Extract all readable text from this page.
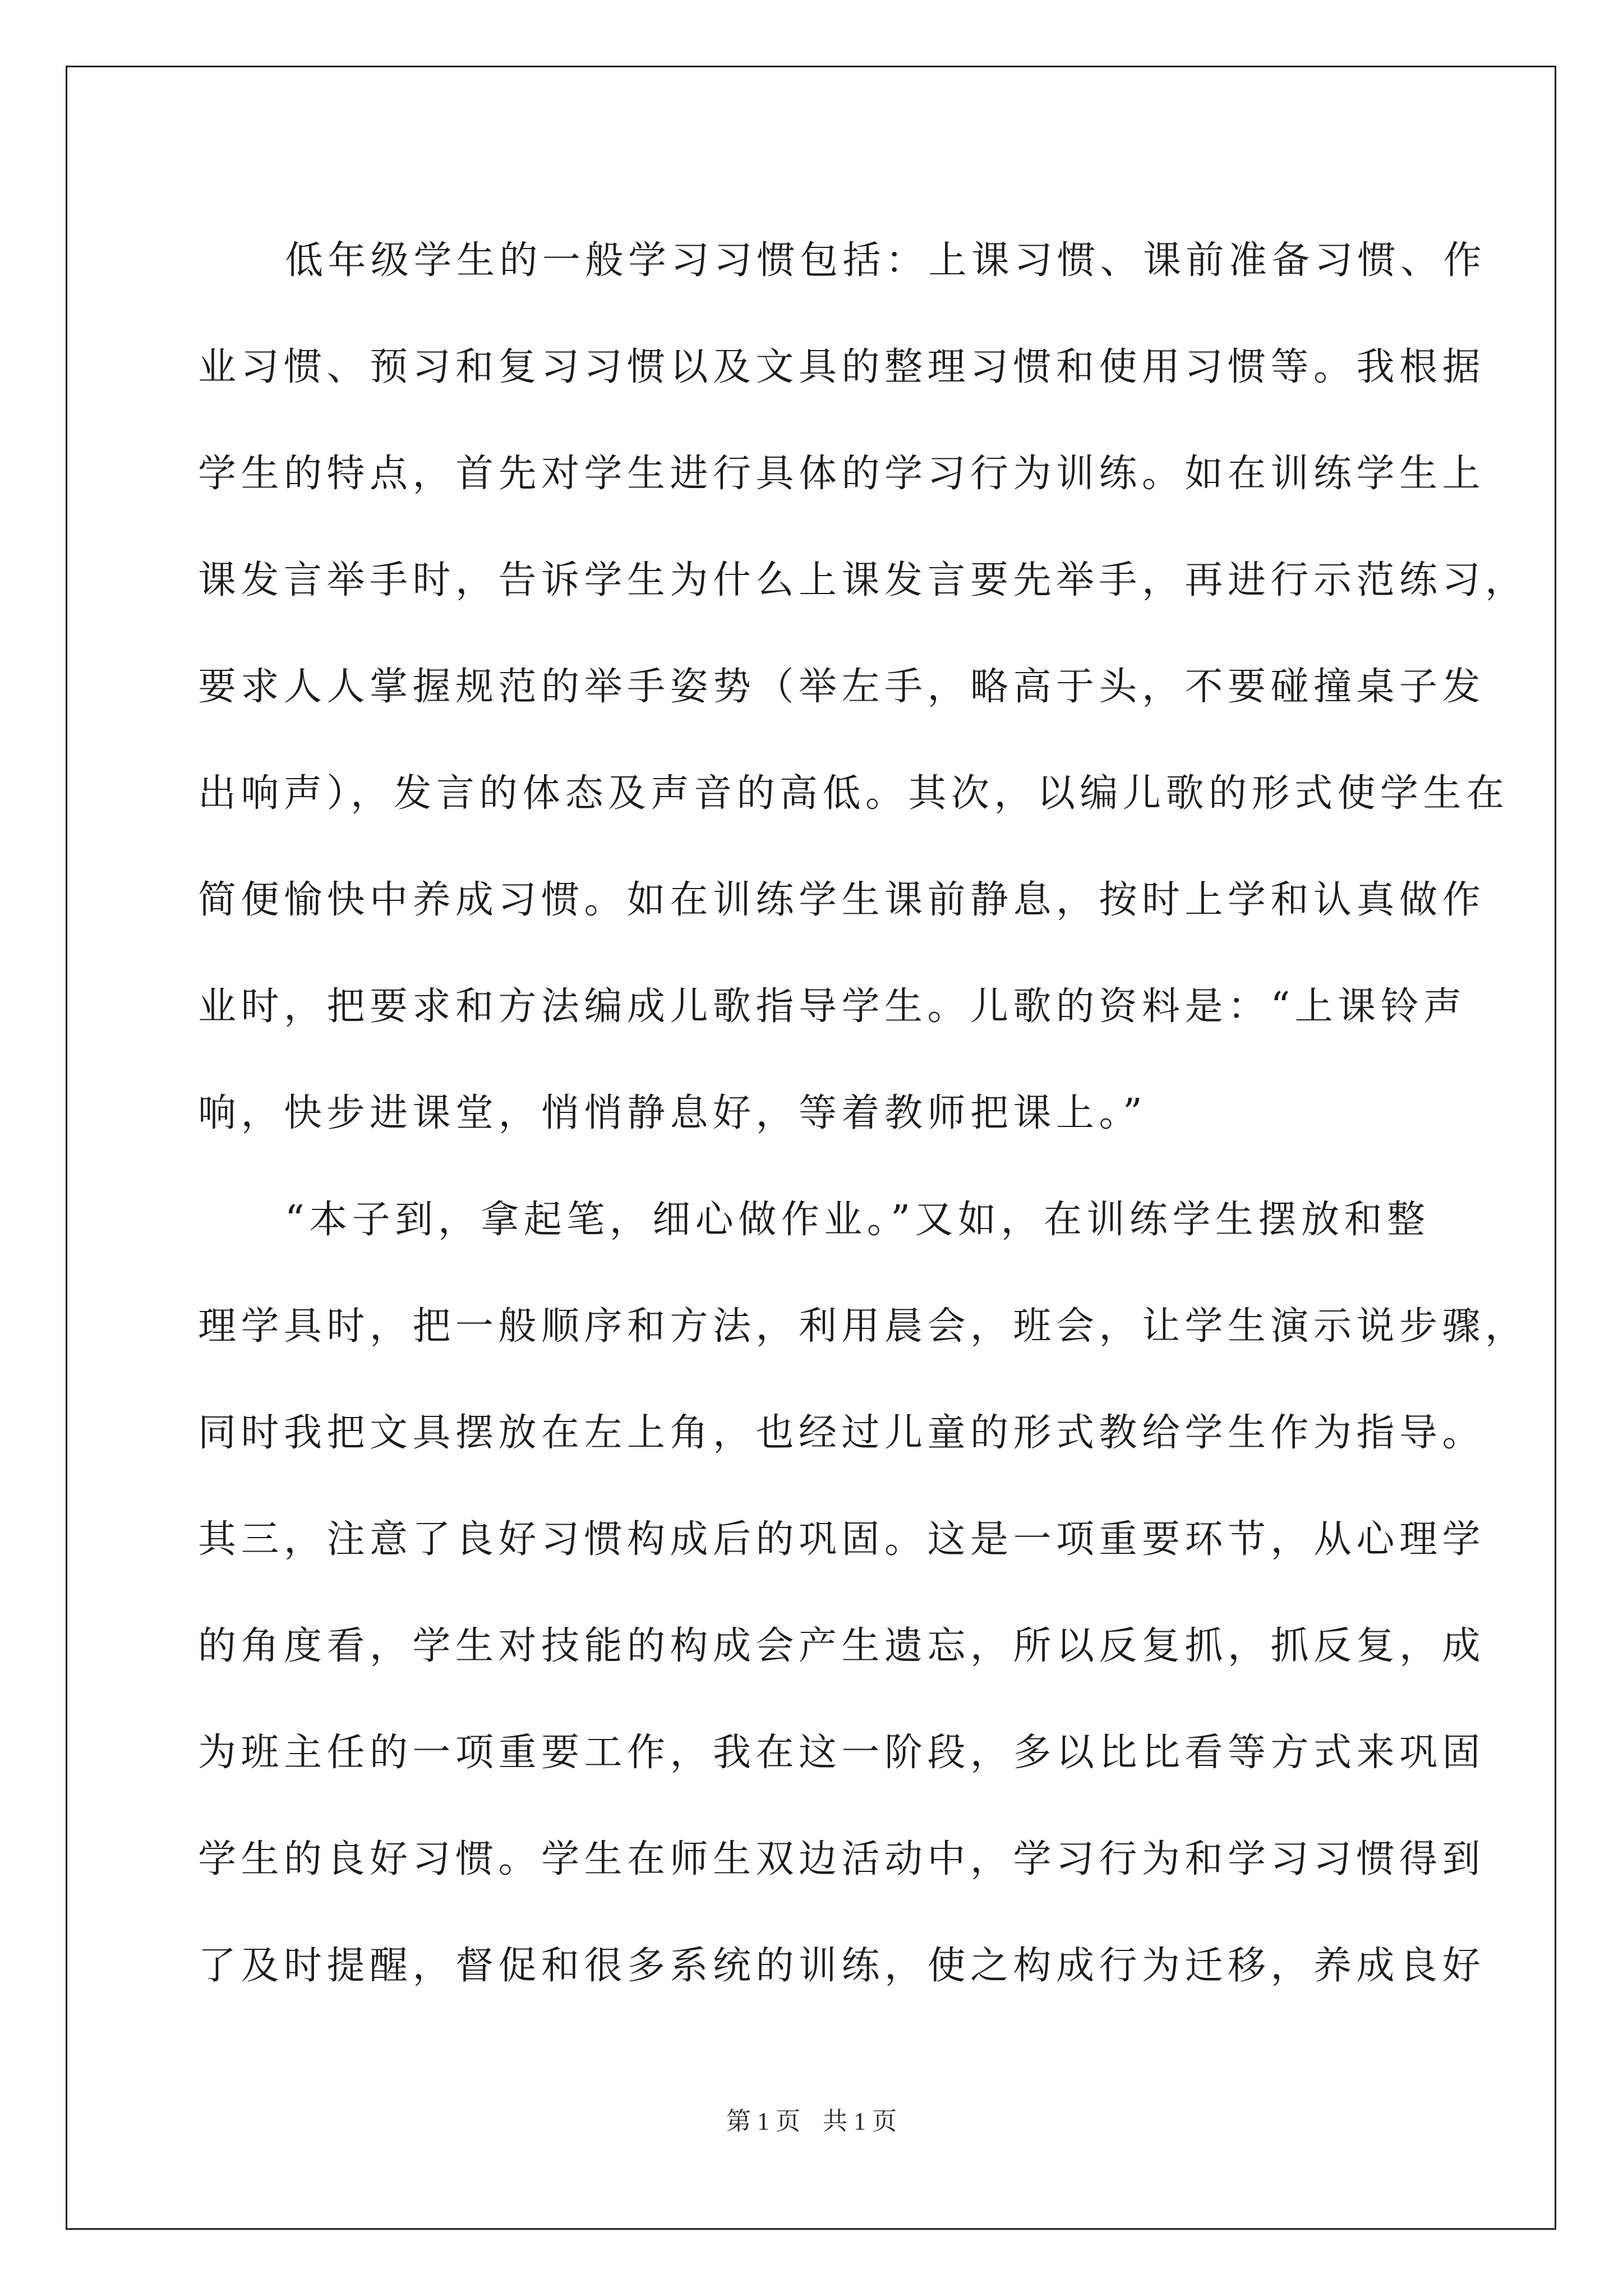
低年级学生的一般学习习惯包括：上课习惯、课前准备习惯、作
业习惯、预习和复习习惯以及文具的整理习惯和使用习惯等。我根据
学生的特点，首先对学生进行具体的学习行为训练。如在训练学生上
课发言举手时，告诉学生为什么上课发言要先举手，再进行示范练习，
要求人人掌握规范的举手姿势（举左手，略高于头，不要碰撞桌子发
出响声），发言的体态及声音的高低。其次，以编儿歌的形式使学生在
简便愉快中养成习惯。如在训练学生课前静息，按时上学和认真做作
业时，把要求和方法编成儿歌指导学生。儿歌的资料是：“上课铃声
响，快步进课堂，悄悄静息好，等着教师把课上。”
“本子到，拿起笔，细心做作业。”又如，在训练学生摆放和整
理学具时，把一般顺序和方法，利用晨会，班会，让学生演示说步骤，
同时我把文具摆放在左上角，也经过儿童的形式教给学生作为指导。
其三，注意了良好习惯构成后的巩固。这是一项重要环节，从心理学
的角度看，学生对技能的构成会产生遗忘，所以反复抓，抓反复，成
为班主任的一项重要工作，我在这一阶段，多以比比看等方式来巩固
学生的良好习惯。学生在师生双边活动中，学习行为和学习习惯得到
了及时提醒，督促和很多系统的训练，使之构成行为迁移，养成良好
第 1 页 共 1 页
